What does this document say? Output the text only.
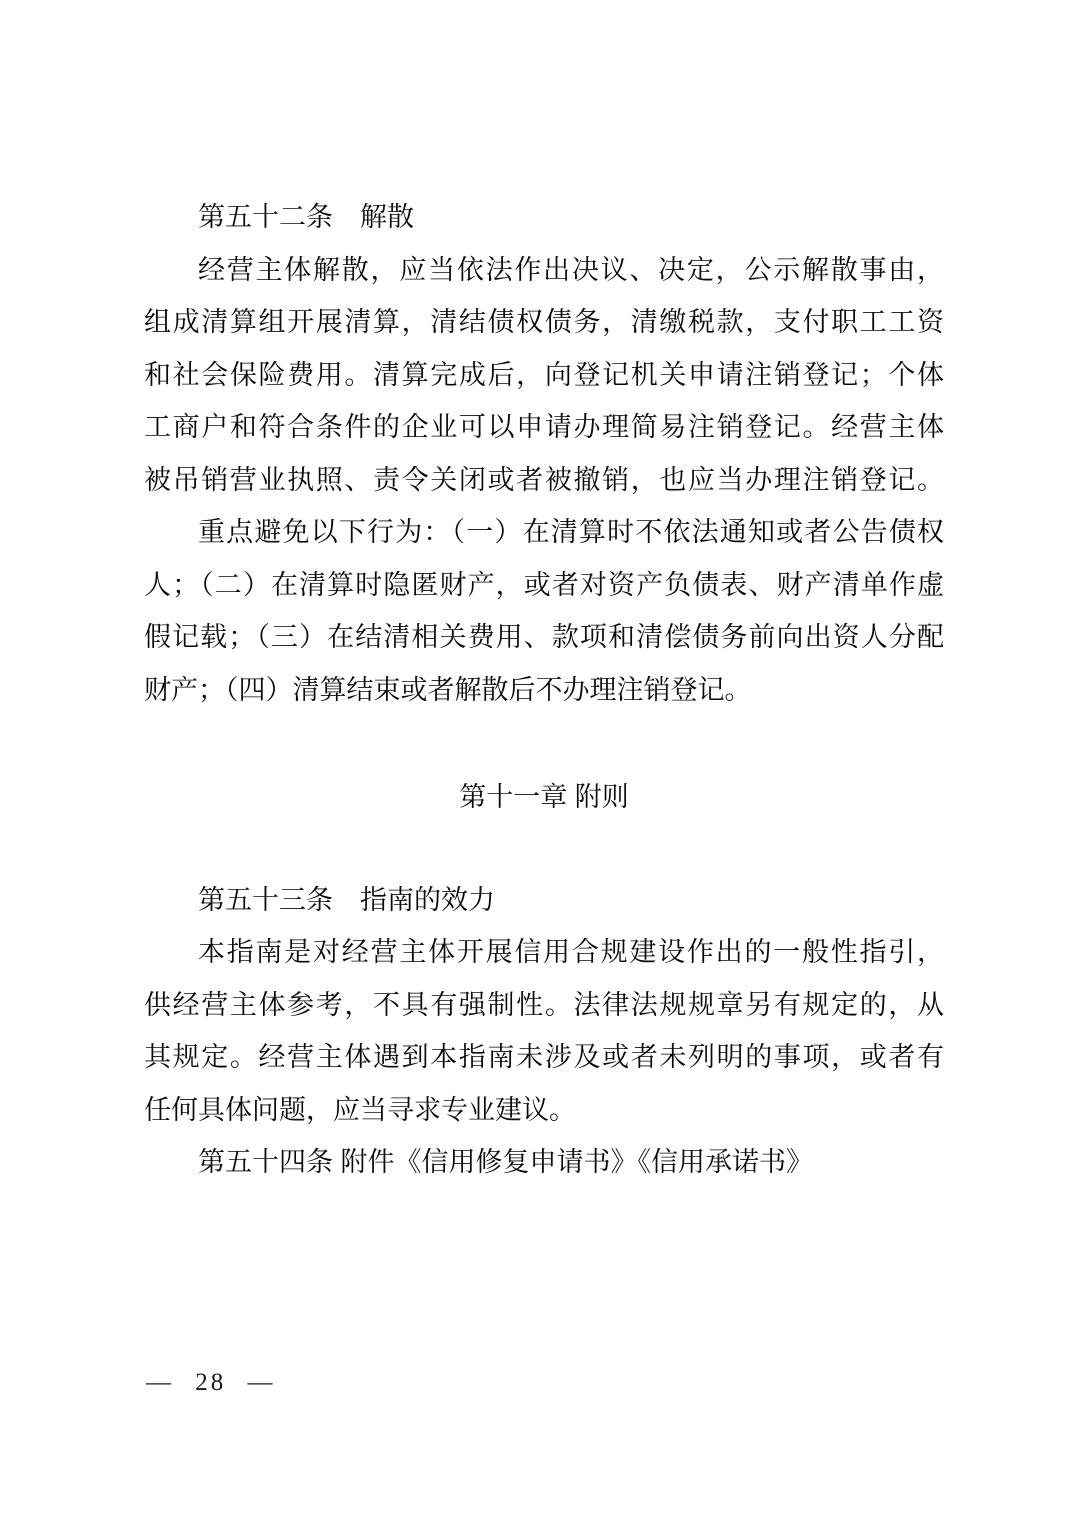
第五十二条　解散
经营主体解散，应当依法作出决议、决定，公示解散事由，
组成清算组开展清算，清结债权债务，清缴税款，支付职工工资
和社会保险费用。清算完成后，向登记机关申请注销登记；个体
工商户和符合条件的企业可以申请办理简易注销登记。经营主体
被吊销营业执照、责令关闭或者被撤销，也应当办理注销登记。
重点避免以下行为：（一）在清算时不依法通知或者公告债权
人；（二）在清算时隐匿财产，或者对资产负债表、财产清单作虚
假记载；（三）在结清相关费用、款项和清偿债务前向出资人分配
财产；（四）清算结束或者解散后不办理注销登记。
第十一章 附则
第五十三条　指南的效力
本指南是对经营主体开展信用合规建设作出的一般性指引，
供经营主体参考，不具有强制性。法律法规规章另有规定的，从
其规定。经营主体遇到本指南未涉及或者未列明的事项，或者有
任何具体问题，应当寻求专业建议。
第五十四条 附件《信用修复申请书》《信用承诺书》
— 28 —
